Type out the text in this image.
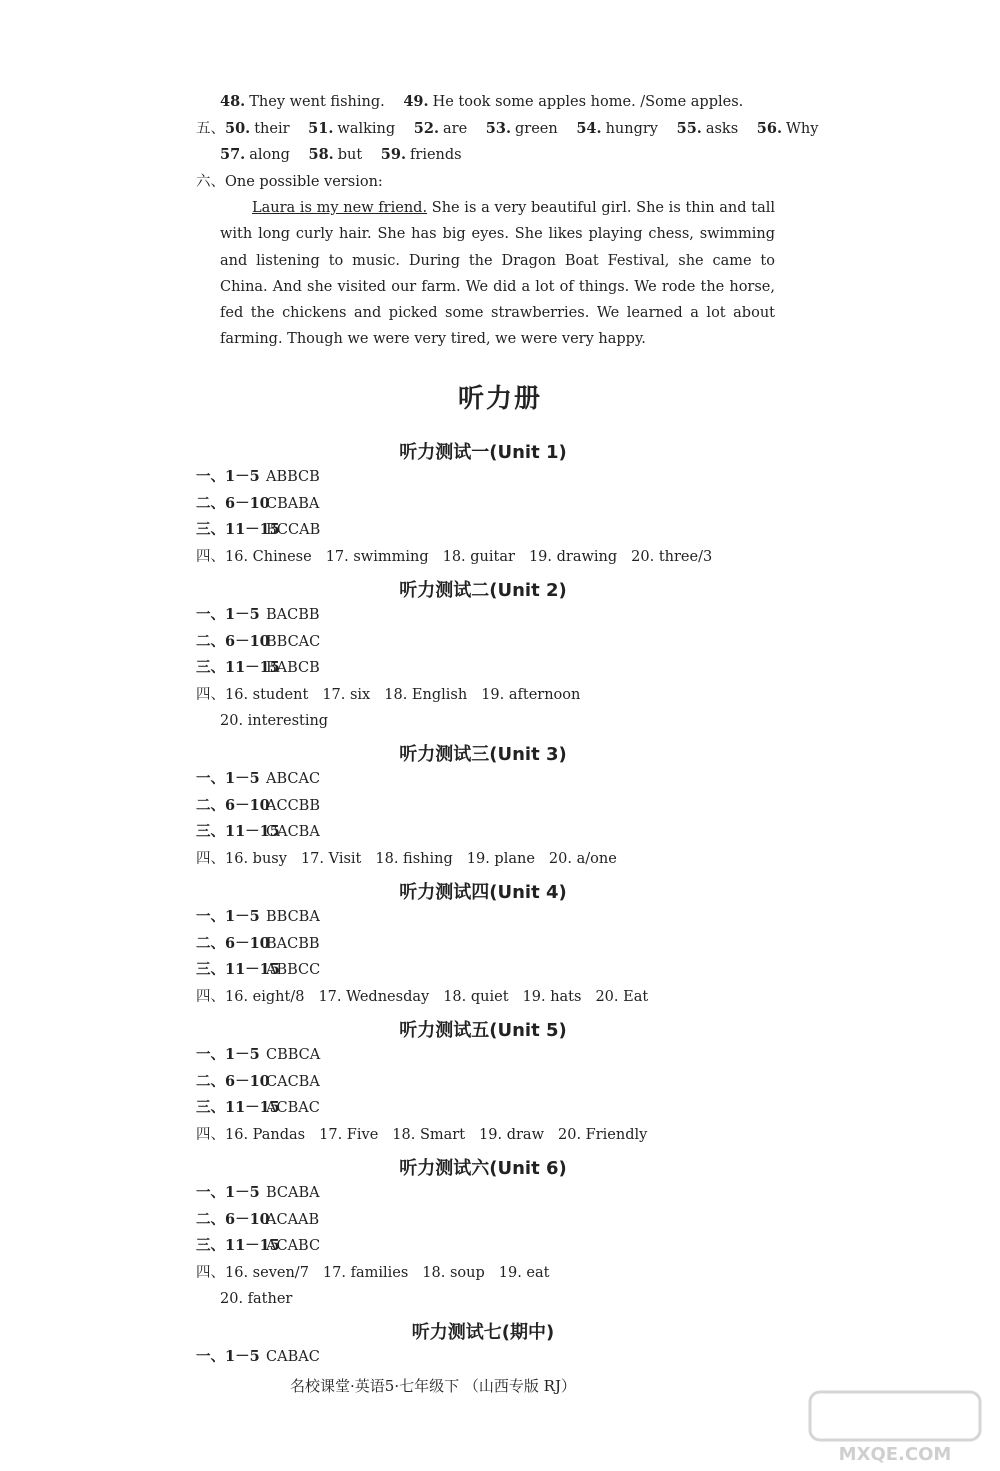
48. They went fishing. 49. He took some apples home. /Some apples.
五、50. their 51. walking 52. are 53. green 54. hungry 55. asks 56. Why
57. along 58. but 59. friends
六、One possible version:
Laura is my new friend. She is a very beautiful girl. She is thin and tall with long curly hair. She has big eyes. She likes playing chess, swimming and listening to music. During the Dragon Boat Festival, she came to China. And she visited our farm. We did a lot of things. We rode the horse, fed the chickens and picked some strawberries. We learned a lot about farming. Though we were very tired, we were very happy.
听力册
听力测试一(Unit 1)
一、1－5 ABBCB
二、6－10CBABA
三、11－15BCCAB
四、16. Chinese 17. swimming 18. guitar 19. drawing 20. three/3
听力测试二(Unit 2)
一、1－5 BACBB
二、6－10BBCAC
三、11－15BABCB
四、16. student 17. six 18. English 19. afternoon
20. interesting
听力测试三(Unit 3)
一、1－5 ABCAC
二、6－10ACCBB
三、11－15CACBA
四、16. busy 17. Visit 18. fishing 19. plane 20. a/one
听力测试四(Unit 4)
一、1－5 BBCBA
二、6－10BACBB
三、11－15ABBCC
四、16. eight/8 17. Wednesday 18. quiet 19. hats 20. Eat
听力测试五(Unit 5)
一、1－5 CBBCA
二、6－10CACBA
三、11－15ACBAC
四、16. Pandas 17. Five 18. Smart 19. draw 20. Friendly
听力测试六(Unit 6)
一、1－5 BCABA
二、6－10ACAAB
三、11－15ACABC
四、16. seven/7 17. families 18. soup 19. eat
20. father
听力测试七(期中)
一、1－5 CABAC
名校课堂·英语5·七年级下 （山西专版 RJ）
MXQE.COM
